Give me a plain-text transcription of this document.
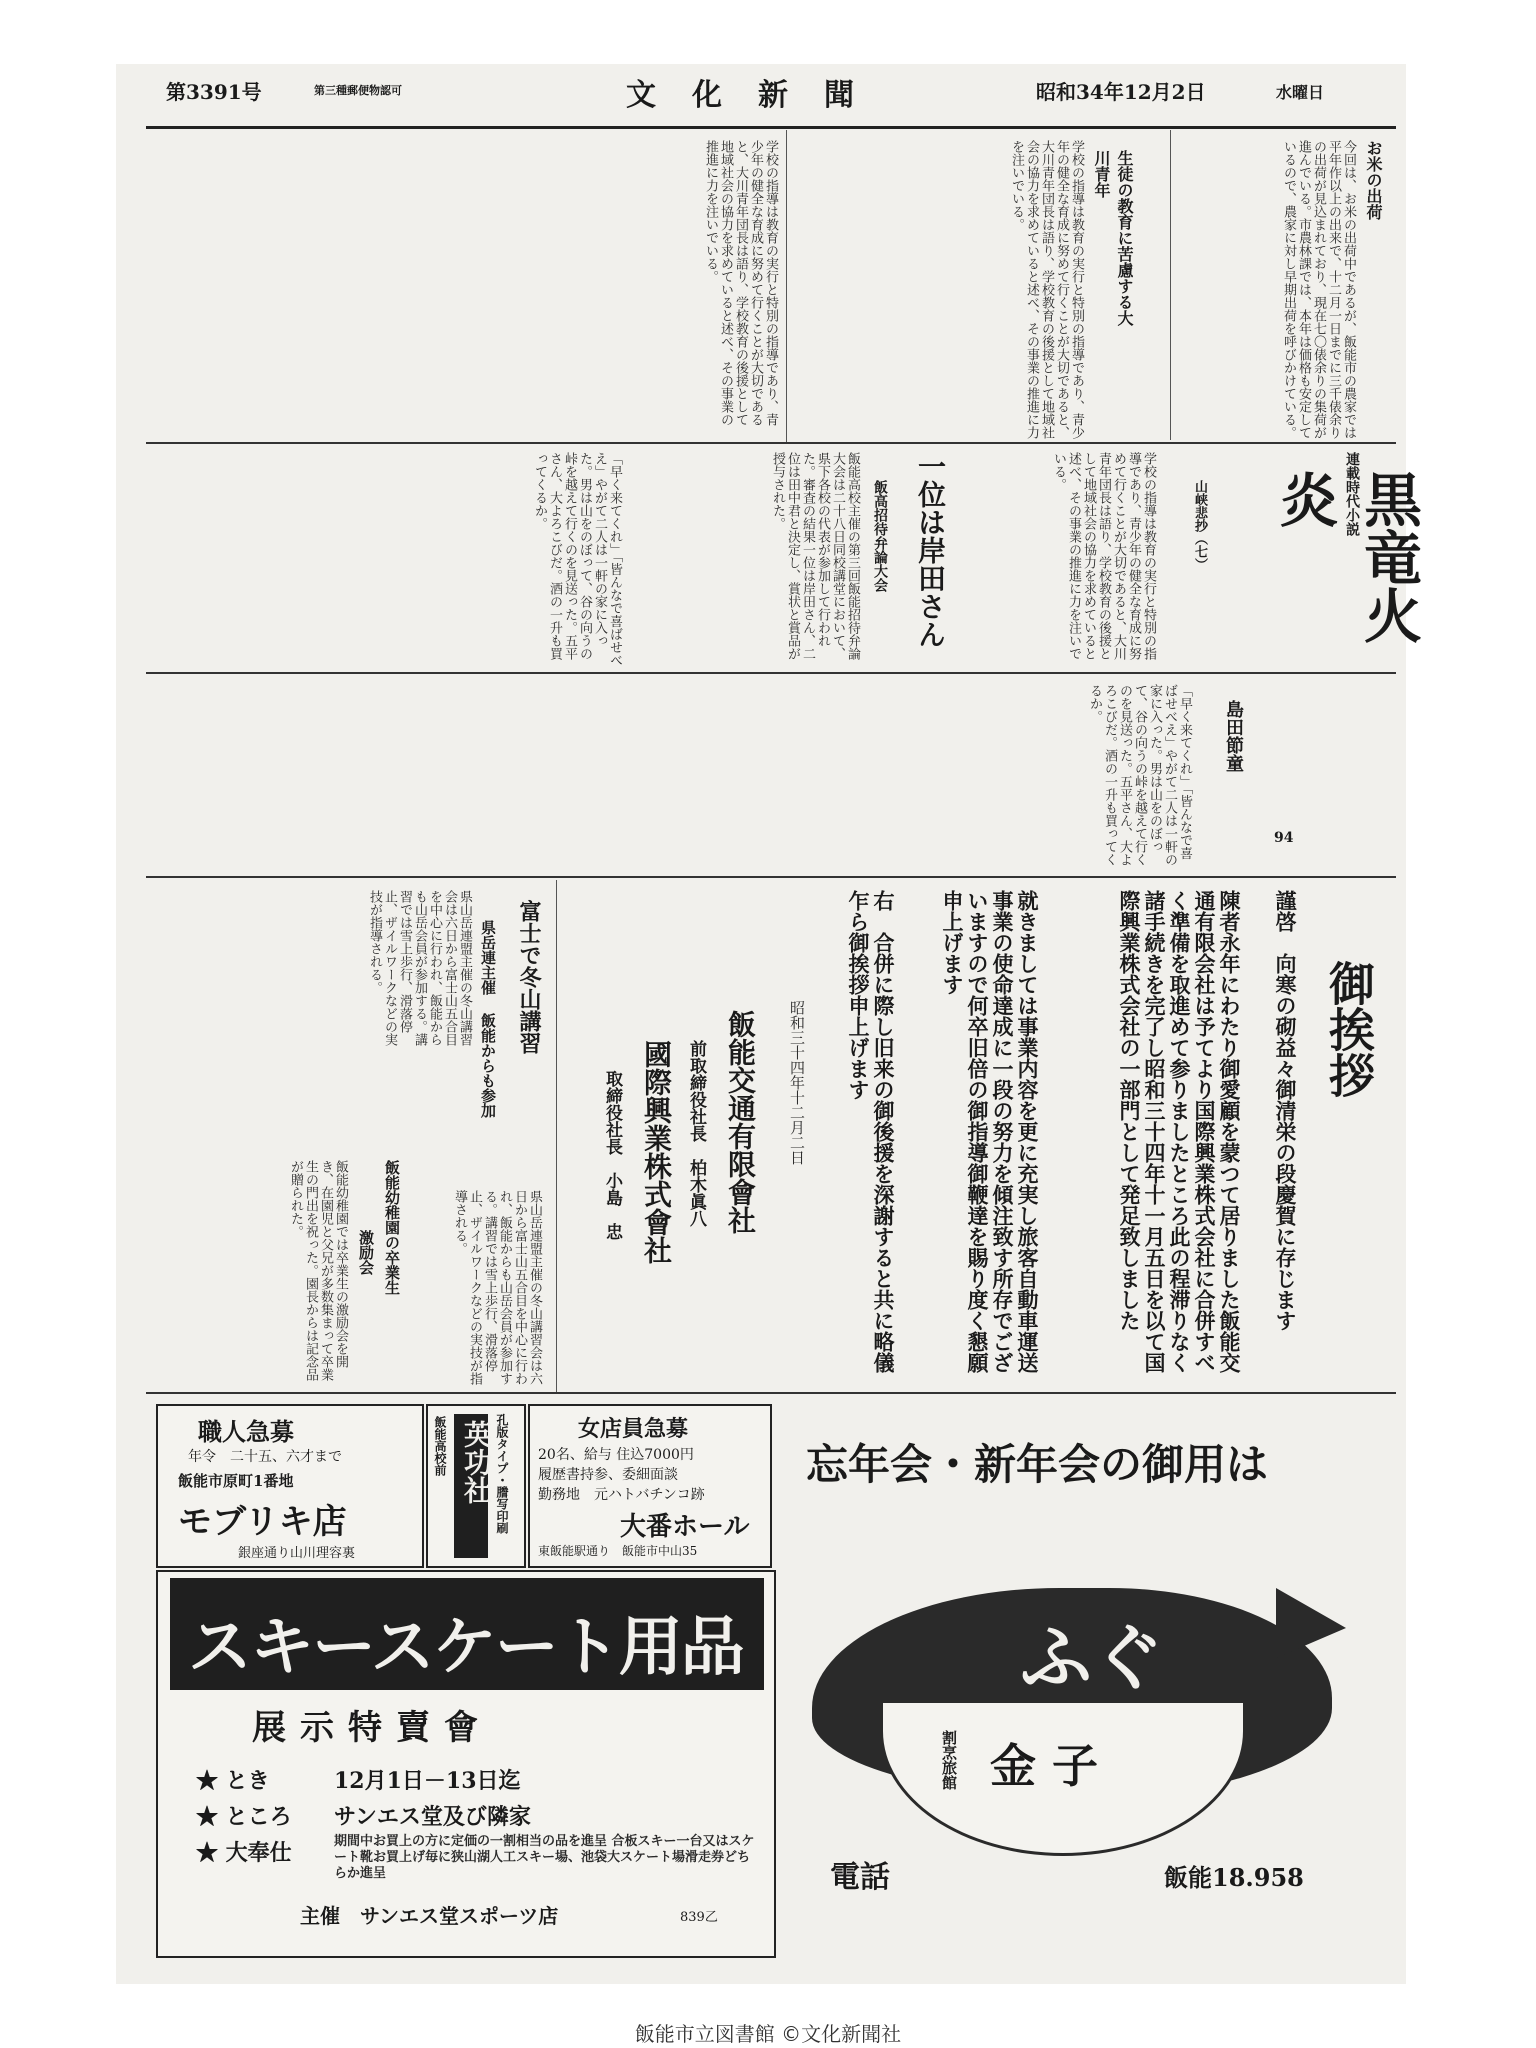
第3391号	第三種郵便物認可	文化新聞	昭和34年12月2日	水曜日
お米の出荷
今回は、お米の出荷中であるが、飯能市の農家では平年作以上の出来で、十二月一日までに三千俵余りの出荷が見込まれており、現在七〇俵余りの集荷が進んでいる。市農林課では、本年は価格も安定しているので、農家に対し早期出荷を呼びかけている。
生徒の教育に苦慮する大川青年
学校の指導は教育の実行と特別の指導であり、青少年の健全な育成に努めて行くことが大切であると、大川青年団長は語り、学校教育の後援として地域社会の協力を求めていると述べ、その事業の推進に力を注いでいる。
一位は岸田さん
飯高招待弁論大会
飯能高校主催の第三回飯能招待弁論大会は二十八日同校講堂において、県下各校の代表が参加して行われた。審査の結果一位は岸田さん、二位は田中君と決定し、賞状と賞品が授与された。	学校の指導は教育の実行と特別の指導であり、青少年の健全な育成に努めて行くことが大切であると、大川青年団長は語り、学校教育の後援として地域社会の協力を求めていると述べ、その事業の推進に力を注いでいる。
学校の指導は教育の実行と特別の指導であり、青少年の健全な育成に努めて行くことが大切であると、大川青年団長は語り、学校教育の後援として地域社会の協力を求めていると述べ、その事業の推進に力を注いでいる。
「早く来てくれ」「皆んなで喜ばせべえ」やがて二人は一軒の家に入った。男は山をのぼって、谷の向うの峠を越えて行くのを見送った。五平さん、大よろこびだ。酒の一升も買ってくるか。	連載時代小説
黒竜火炎
島田節童
94
山峡悲抄（七）
「早く来てくれ」「皆んなで喜ばせべえ」やがて二人は一軒の家に入った。男は山をのぼって、谷の向うの峠を越えて行くのを見送った。五平さん、大よろこびだ。酒の一升も買ってくるか。
御挨拶
謹啓　向寒の砌益々御清栄の段慶賀に存じます
陳者永年にわたり御愛顧を蒙つて居りました飯能交通有限会社は予てより国際興業株式会社に合併すべく準備を取進めて参りましたところ此の程滞りなく諸手続きを完了し昭和三十四年十一月五日を以て国際興業株式会社の一部門として発足致しました
就きましては事業内容を更に充実し旅客自動車運送事業の使命達成に一段の努力を傾注致す所存でございますので何卒旧倍の御指導御鞭達を賜り度く懇願申上げます
右　合併に際し旧来の御後援を深謝すると共に略儀乍ら御挨拶申上げます
昭和三十四年十二月二日
飯能交通有限會社
前取締役社長　柏木眞八
國際興業株式會社
取締役社長　小島　忠
富士で冬山講習
県岳連主催 飯能からも参加
県山岳連盟主催の冬山講習会は六日から富士山五合目を中心に行われ、飯能からも山岳会員が参加する。講習では雪上歩行、滑落停止、ザイルワークなどの実技が指導される。
県山岳連盟主催の冬山講習会は六日から富士山五合目を中心に行われ、飯能からも山岳会員が参加する。講習では雪上歩行、滑落停止、ザイルワークなどの実技が指導される。
飯能幼稚園の卒業生
激励会
飯能幼稚園では卒業生の激励会を開き、在園児と父兄が多数集まって卒業生の門出を祝った。園長からは記念品が贈られた。
職人急募
年令　二十五、六才まで
飯能市原町1番地
モブリキ店
銀座通り山川理容裏
孔版タイプ・謄写印刷
英功社
飯能高校前	女店員急募
20名、給与 住込7000円
履歴書持参、委細面談
勤務地　元ハトバチンコ跡
大番ホール
東飯能駅通り　飯能市中山35
スキースケート用品
展示特賣會
★ とき	12月1日－13日迄
★ ところ サンエス堂及び隣家
★ 大奉仕	期間中お買上の方に定価の一割相当の品を進呈 合板スキー一台又はスケート靴お買上げ毎に狭山湖人工スキー場、池袋大スケート場滑走券どちらか進呈
主催　サンエス堂スポーツ店	839乙
忘年会・新年会の御用は
ふぐ
割烹旅館 金子
電話	飯能18.958
飯能市立図書館 ©文化新聞社
